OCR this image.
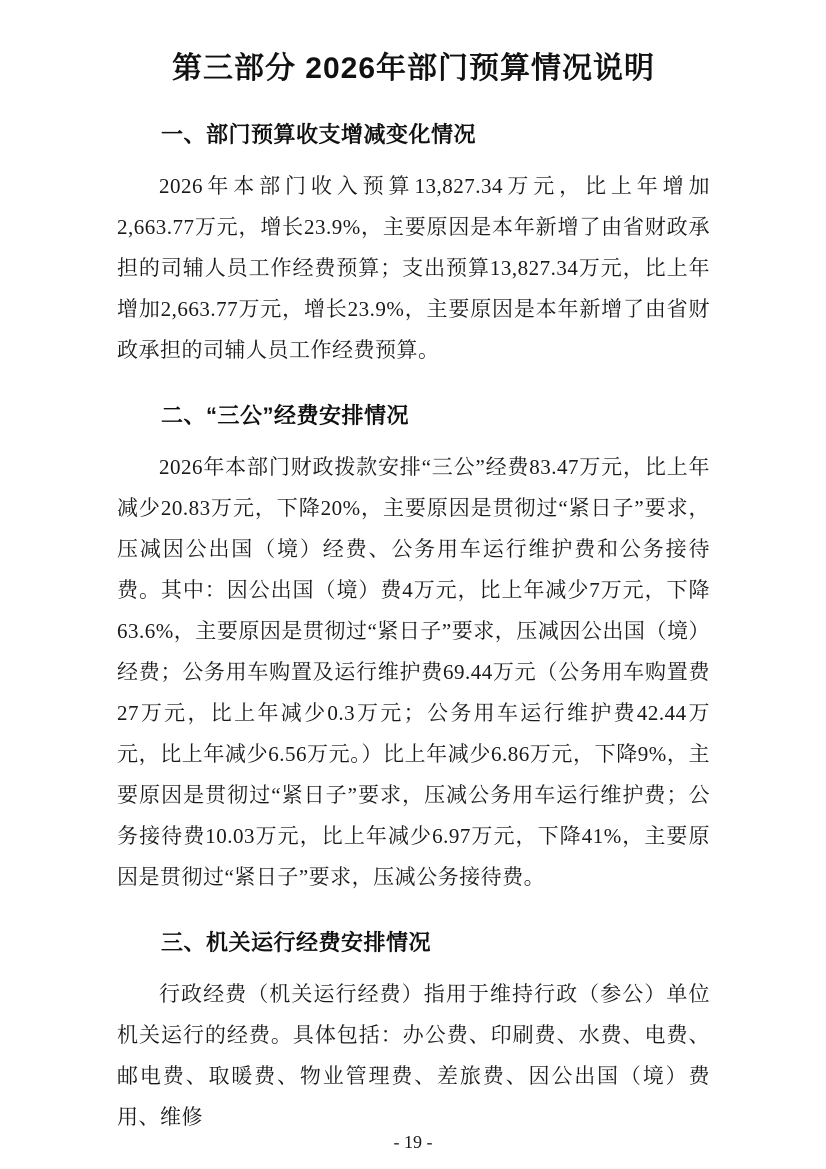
第三部分 2026年部门预算情况说明
一、部门预算收支增减变化情况

2026年本部门收入预算13,827.34万元，比上年增加2,663.77万元，增长23.9%，主要原因是本年新增了由省财政承担的司辅人员工作经费预算；支出预算13,827.34万元，比上年增加2,663.77万元，增长23.9%，主要原因是本年新增了由省财政承担的司辅人员工作经费预算。

二、“三公”经费安排情况

2026年本部门财政拨款安排“三公”经费83.47万元，比上年减少20.83万元，下降20%，主要原因是贯彻过“紧日子”要求，压减因公出国（境）经费、公务用车运行维护费和公务接待费。其中：因公出国（境）费4万元，比上年减少7万元，下降63.6%，主要原因是贯彻过“紧日子”要求，压减因公出国（境）经费；公务用车购置及运行维护费69.44万元（公务用车购置费27万元，比上年减少0.3万元；公务用车运行维护费42.44万元，比上年减少6.56万元。）比上年减少6.86万元，下降9%，主要原因是贯彻过“紧日子”要求，压减公务用车运行维护费；公务接待费10.03万元，比上年减少6.97万元，下降41%，主要原因是贯彻过“紧日子”要求，压减公务接待费。

三、机关运行经费安排情况

行政经费（机关运行经费）指用于维持行政（参公）单位机关运行的经费。具体包括：办公费、印刷费、水费、电费、邮电费、取暖费、物业管理费、差旅费、因公出国（境）费用、维修

- 19 -
